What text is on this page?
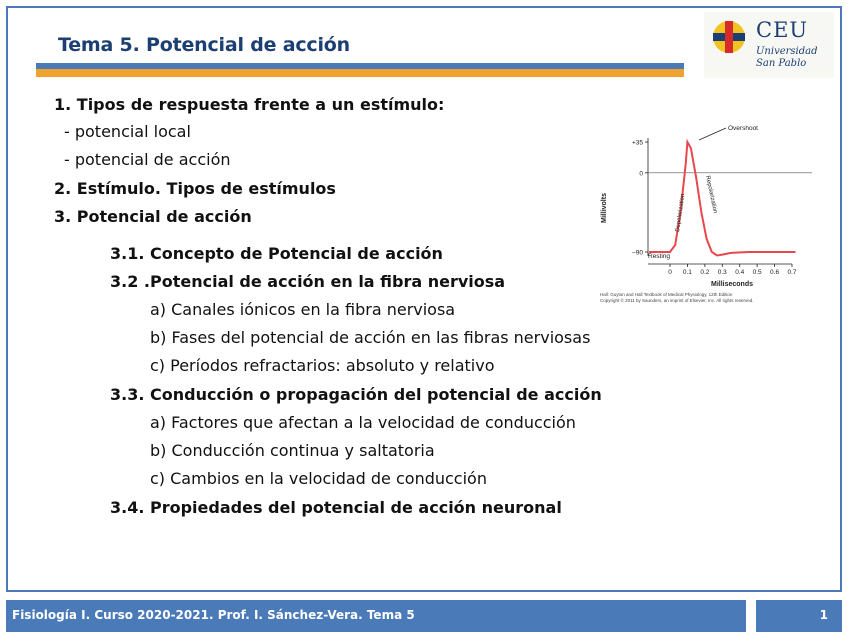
Tema 5. Potencial de acción
CEU
Universidad
San Pablo
1. Tipos de respuesta frente a un estímulo:
- potencial local
- potencial de acción
2. Estímulo. Tipos de estímulos
3. Potencial de acción
3.1. Concepto de Potencial de acción
3.2 .Potencial de acción en la fibra nerviosa
a) Canales iónicos en la fibra nerviosa
b) Fases del potencial de acción en las fibras nerviosas
c) Períodos refractarios: absoluto y relativo
3.3. Conducción o propagación del potencial de acción
a) Factores que afectan a la velocidad de conducción
b) Conducción continua y saltatoria
c) Cambios en la velocidad de conducción
3.4. Propiedades del potencial de acción neuronal
+35
0
−90
0 0.1 0.2 0.3 0.4 0.5 0.6 0.7
Millivolts
Milliseconds
Overshoot
Depolarization	Repolarization
Resting
Hall: Guyton and Hall Textbook of Medical Physiology, 12th Edition
Copyright © 2011 by Saunders, an imprint of Elsevier, Inc. All rights reserved.
Fisiología I. Curso 2020-2021. Prof. I. Sánchez-Vera. Tema 5	1
